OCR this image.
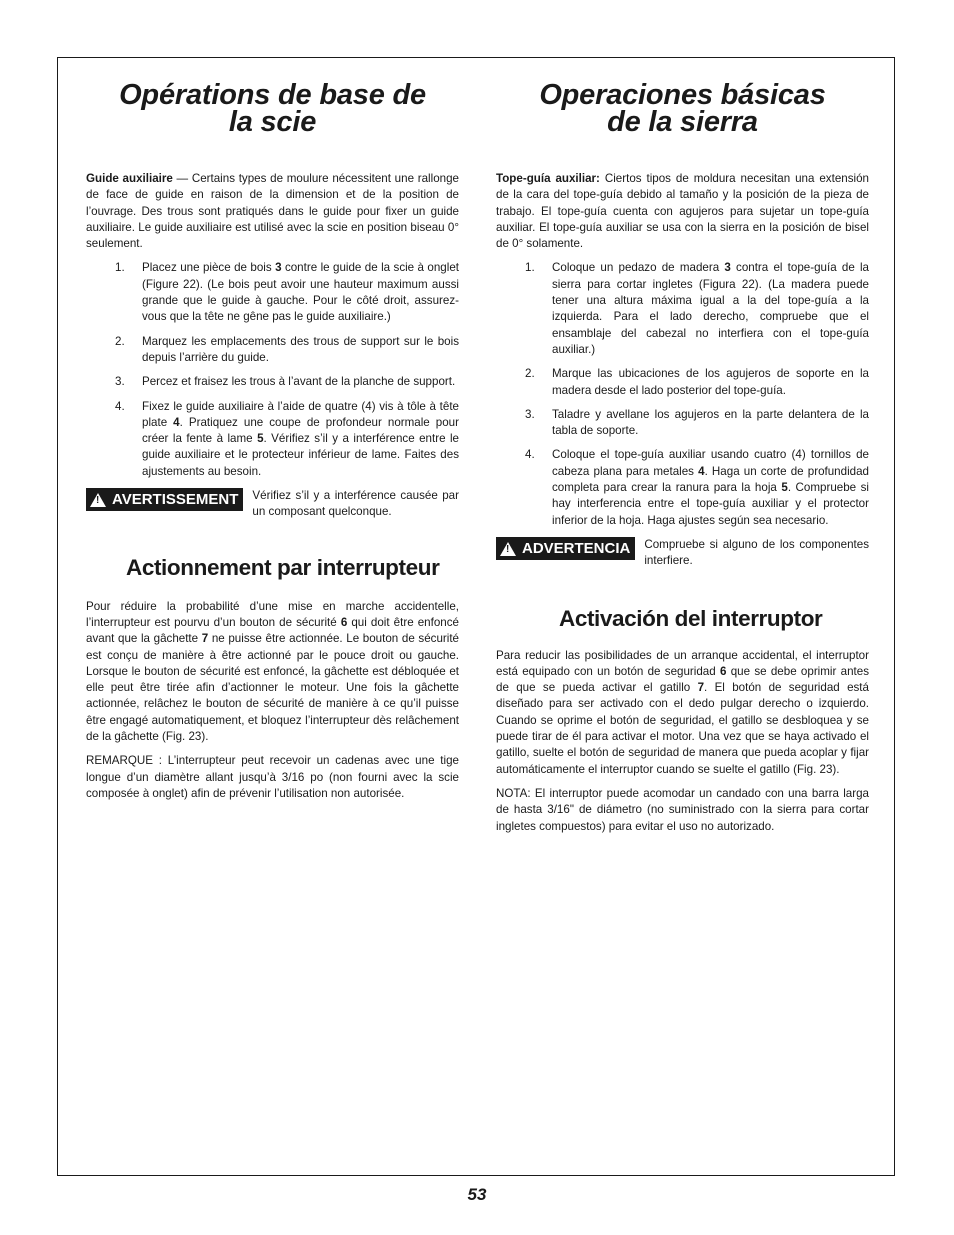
Opérations de base de
la scie

Guide auxiliaire — Certains types de moulure nécessitent une rallonge de face de guide en raison de la dimension et de la position de l’ouvrage. Des trous sont pratiqués dans le guide pour fixer un guide auxiliaire. Le guide auxiliaire est utilisé avec la scie en position biseau 0° seulement.

1. Placez une pièce de bois 3 contre le guide de la scie à onglet (Figure 22). (Le bois peut avoir une hauteur maximum aussi grande que le guide à gauche. Pour le côté droit, assurez-vous que la tête ne gêne pas le guide auxiliaire.)
2. Marquez les emplacements des trous de support sur le bois depuis l’arrière du guide.
3. Percez et fraisez les trous à l’avant de la planche de support.
4. Fixez le guide auxiliaire à l’aide de quatre (4) vis à tôle à tête plate 4. Pratiquez une coupe de profondeur normale pour créer la fente à lame 5. Vérifiez s’il y a interférence entre le guide auxiliaire et le protecteur inférieur de lame. Faites des ajustements au besoin.
! AVERTISSEMENT Vérifiez s’il y a interférence causée par un composant quelconque.
Actionnement par interrupteur

Pour réduire la probabilité d’une mise en marche accidentelle, l’interrupteur est pourvu d’un bouton de sécurité 6 qui doit être enfoncé avant que la gâchette 7 ne puisse être actionnée. Le bouton de sécurité est conçu de manière à être actionné par le pouce droit ou gauche. Lorsque le bouton de sécurité est enfoncé, la gâchette est débloquée et elle peut être tirée afin d’actionner le moteur. Une fois la gâchette actionnée, relâchez le bouton de sécurité de manière à ce qu’il puisse être engagé automatiquement, et bloquez l’interrupteur dès relâchement de la gâchette (Fig. 23).

REMARQUE : L’interrupteur peut recevoir un cadenas avec une tige longue d’un diamètre allant jusqu’à 3/16 po (non fourni avec la scie composée à onglet) afin de prévenir l’utilisation non autorisée.

Operaciones básicas
de la sierra

Tope-guía auxiliar: Ciertos tipos de moldura necesitan una extensión de la cara del tope-guía debido al tamaño y la posición de la pieza de trabajo. El tope-guía cuenta con agujeros para sujetar un tope-guía auxiliar. El tope-guía auxiliar se usa con la sierra en la posición de bisel de 0° solamente.

1. Coloque un pedazo de madera 3 contra el tope-guía de la sierra para cortar ingletes (Figura 22). (La madera puede tener una altura máxima igual a la del tope-guía a la izquierda. Para el lado derecho, compruebe que el ensamblaje del cabezal no interfiera con el tope-guía auxiliar.)
2. Marque las ubicaciones de los agujeros de soporte en la madera desde el lado posterior del tope-guía.
3. Taladre y avellane los agujeros en la parte delantera de la tabla de soporte.
4. Coloque el tope-guía auxiliar usando cuatro (4) tornillos de cabeza plana para metales 4. Haga un corte de profundidad completa para crear la ranura para la hoja 5. Compruebe si hay interferencia entre el tope-guía auxiliar y el protector inferior de la hoja. Haga ajustes según sea necesario.
! ADVERTENCIA Compruebe si alguno de los componentes interfiere.
Activación del interruptor

Para reducir las posibilidades de un arranque accidental, el interruptor está equipado con un botón de seguridad 6 que se debe oprimir antes de que se pueda activar el gatillo 7. El botón de seguridad está diseñado para ser activado con el dedo pulgar derecho o izquierdo. Cuando se oprime el botón de seguridad, el gatillo se desbloquea y se puede tirar de él para activar el motor. Una vez que se haya activado el gatillo, suelte el botón de seguridad de manera que pueda acoplar y fijar automáticamente el interruptor cuando se suelte el gatillo (Fig. 23).

NOTA: El interruptor puede acomodar un candado con una barra larga de hasta 3/16" de diámetro (no suministrado con la sierra para cortar ingletes compuestos) para evitar el uso no autorizado.

53
